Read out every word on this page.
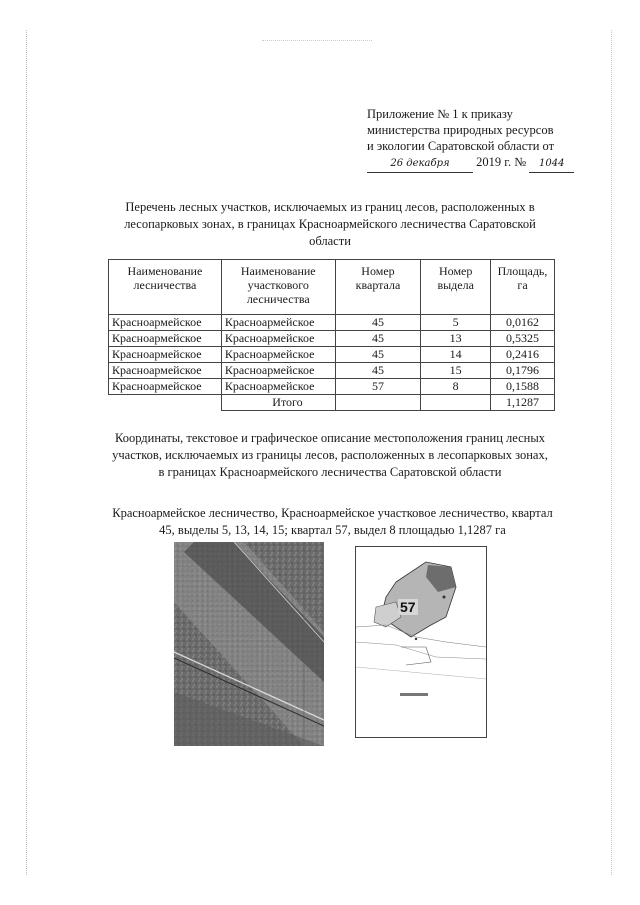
Приложение № 1 к приказу
министерства природных ресурсов
и экологии Саратовской области от
26 декабря 2019 г. № 1044
Перечень лесных участков, исключаемых из границ лесов, расположенных в лесопарковых зонах, в границах Красноармейского лесничества Саратовской области
Наименование лесничества	Наименование участкового лесничества	Номер квартала	Номер выдела	Площадь, га
Красноармейское	Красноармейское	45	5	0,0162
Красноармейское	Красноармейское	45	13	0,5325
Красноармейское	Красноармейское	45	14	0,2416
Красноармейское	Красноармейское	45	15	0,1796
Красноармейское	Красноармейское	57	8	0,1588
	Итого			1,1287
Координаты, текстовое и графическое описание местоположения границ лесных участков, исключаемых из границы лесов, расположенных в лесопарковых зонах, в границах Красноармейского лесничества Саратовской области
Красноармейское лесничество, Красноармейское участковое лесничество, квартал 45, выделы 5, 13, 14, 15; квартал 57, выдел 8 площадью 1,1287 га
57
